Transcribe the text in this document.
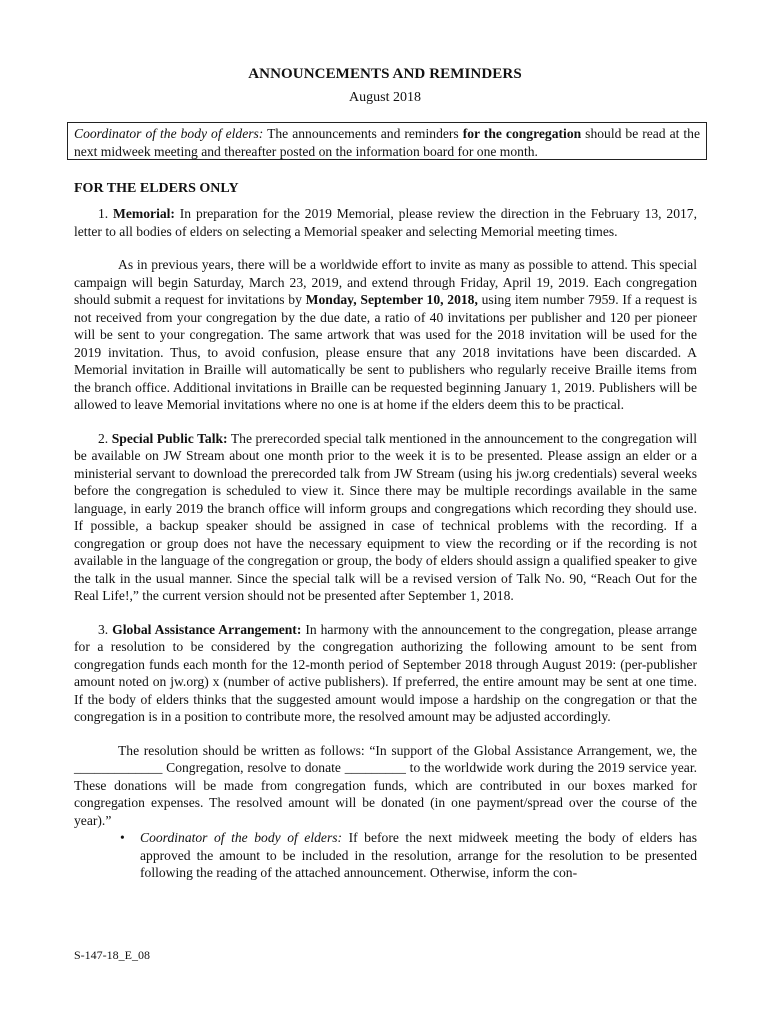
ANNOUNCEMENTS AND REMINDERS
August 2018
Coordinator of the body of elders: The announcements and reminders for the congregation should be read at the next midweek meeting and thereafter posted on the information board for one month.
FOR THE ELDERS ONLY

1. Memorial: In preparation for the 2019 Memorial, please review the direction in the February 13, 2017, letter to all bodies of elders on selecting a Memorial speaker and selecting Memorial meeting times.

As in previous years, there will be a worldwide effort to invite as many as possible to attend. This special campaign will begin Saturday, March 23, 2019, and extend through Friday, April 19, 2019. Each congregation should submit a request for invitations by Monday, September 10, 2018, using item number 7959. If a request is not received from your congregation by the due date, a ratio of 40 invitations per publisher and 120 per pioneer will be sent to your congregation. The same artwork that was used for the 2018 invitation will be used for the 2019 invitation. Thus, to avoid confusion, please ensure that any 2018 invitations have been discarded. A Memorial invitation in Braille will automatically be sent to publishers who regularly receive Braille items from the branch office. Additional invitations in Braille can be requested beginning January 1, 2019. Publishers will be allowed to leave Memorial invitations where no one is at home if the elders deem this to be practical.

2. Special Public Talk: The prerecorded special talk mentioned in the announcement to the congregation will be available on JW Stream about one month prior to the week it is to be presented. Please assign an elder or a ministerial servant to download the prerecorded talk from JW Stream (using his jw.org credentials) several weeks before the congregation is scheduled to view it. Since there may be multiple recordings available in the same language, in early 2019 the branch office will inform groups and congregations which recording they should use. If possible, a backup speaker should be assigned in case of technical problems with the recording. If a congregation or group does not have the necessary equipment to view the recording or if the recording is not available in the language of the congregation or group, the body of elders should assign a qualified speaker to give the talk in the usual manner. Since the special talk will be a revised version of Talk No. 90, “Reach Out for the Real Life!,” the current version should not be presented after September 1, 2018.

3. Global Assistance Arrangement: In harmony with the announcement to the congregation, please arrange for a resolution to be considered by the congregation authorizing the following amount to be sent from congregation funds each month for the 12-month period of September 2018 through August 2019: (per-publisher amount noted on jw.org) x (number of active publishers). If preferred, the entire amount may be sent at one time. If the body of elders thinks that the suggested amount would impose a hardship on the congregation or that the congregation is in a position to contribute more, the resolved amount may be adjusted accordingly.

The resolution should be written as follows: “In support of the Global Assistance Arrangement, we, the _____________ Congregation, resolve to donate _________ to the worldwide work during the 2019 service year. These donations will be made from congregation funds, which are contributed in our boxes marked for congregation expenses. The resolved amount will be donated (in one payment/spread over the course of the year).”

• Coordinator of the body of elders: If before the next midweek meeting the body of elders has approved the amount to be included in the resolution, arrange for the resolution to be presented following the reading of the attached announcement. Otherwise, inform the con-
S-147-18_E_08
